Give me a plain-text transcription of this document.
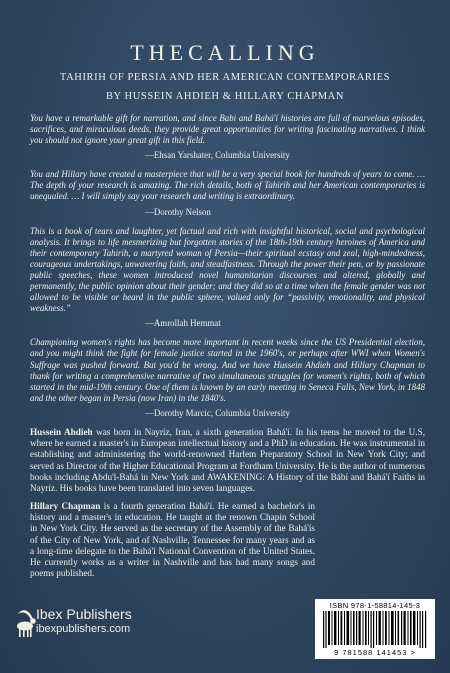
THECALLING
TAHIRIH OF PERSIA AND HER AMERICAN CONTEMPORARIES
BY HUSSEIN AHDIEH & HILLARY CHAPMAN

You have a remarkable gift for narration, and since Babi and Bahá'í histories are full of marvelous episodes, sacrifices, and miraculous deeds, they provide great opportunities for writing fascinating narratives. I think you should not ignore your great gift in this field.

—Ehsan Yarshater, Columbia University

You and Hillary have created a masterpiece that will be a very special book for hundreds of years to come. … The depth of your research is amazing. The rich details, both of Tahirih and her American contemporaries is unequaled. … I will simply say your research and writing is extraordinary.

—Dorothy Nelson

This is a book of tears and laughter, yet factual and rich with insightful historical, social and psychological analysis. It brings to life mesmerizing but forgotten stories of the 18th-19th century heroines of America and their contemporary Tahirih, a martyred woman of Persia—their spiritual ecstasy and zeal, high-mindedness, courageous undertakings, unwavering faith, and steadfastness. Through the power their pen, or by passionate public speeches, these women introduced novel humanitarian discourses and altered, globally and permanently, the public opinion about their gender; and they did so at a time when the female gender was not allowed to be visible or heard in the public sphere, valued only for “passivity, emotionality, and physical weakness.”

—Amrollah Hemmat

Championing women's rights has become more important in recent weeks since the US Presidential election, and you might think the fight for female justice started in the 1960's, or perhaps after WWI when Women's Suffrage was pushed forward. But you'd be wrong. And we have Hussein Ahdieh and Hillary Chapman to thank for writing a comprehensive narrative of two simultaneous struggles for women's rights, both of which started in the mid-19th century. One of them is known by an early meeting in Seneca Falls, New York, in 1848 and the other began in Persia (now Iran) in the 1840's.

—Dorothy Marcic, Columbia University

Hussein Ahdieh was born in Nayríz, Iran, a sixth generation Bahá'í. In his teens he moved to the U.S, where he earned a master's in European intellectual history and a PhD in education. He was instrumental in establishing and administering the world-renowned Harlem Preparatory School in New York City; and served as Director of the Higher Educational Program at Fordham University. He is the author of numerous books including Abdu'l-Bahá in New York and AWAKENING: A History of the Bábí and Bahá'í Faiths in Nayríz. His books have been translated into seven languages.

Hillary Chapman is a fourth generation Bahá'í. He earned a bachelor's in history and a master's in education. He taught at the renown Chapin School in New York City. He served as the secretary of the Assembly of the Bahá'ís of the City of New York, and of Nashville, Tennessee for many years and as a long-time delegate to the Bahá'í National Convention of the United States. He currently works as a writer in Nashville and has had many songs and poems published.

Ibex Publishers
ibexpublishers.com
ISBN 978-1-58814-145-3
9 781588 141453 >
